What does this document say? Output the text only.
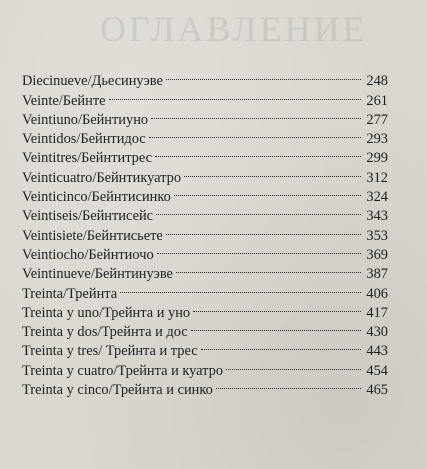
ОГЛАВЛЕНИЕ
Diecinueve/Дьесинуэве	248
Veinte/Бейнте	261
Veintiuno/Бейнтиуно	277
Veintidos/Бейнтидос	293
Veintitres/Бейнтитрес	299
Veinticuatro/Бейнтикуатро	312
Veinticinco/Бейнтисинко	324
Veintiseis/Бейнтисейс	343
Veintisiete/Бейнтисьете	353
Veintiocho/Бейнтиочо	369
Veintinueve/Бейнтинуэве	387
Treinta/Трейнта	406
Treinta y uno/Трейнта и уно	417
Treinta y dos/Трейнта и дос	430
Treinta y tres/ Трейнта и трес	443
Treinta y cuatro/Трейнта и куатро	454
Treinta y cinco/Трейнта и синко	465
